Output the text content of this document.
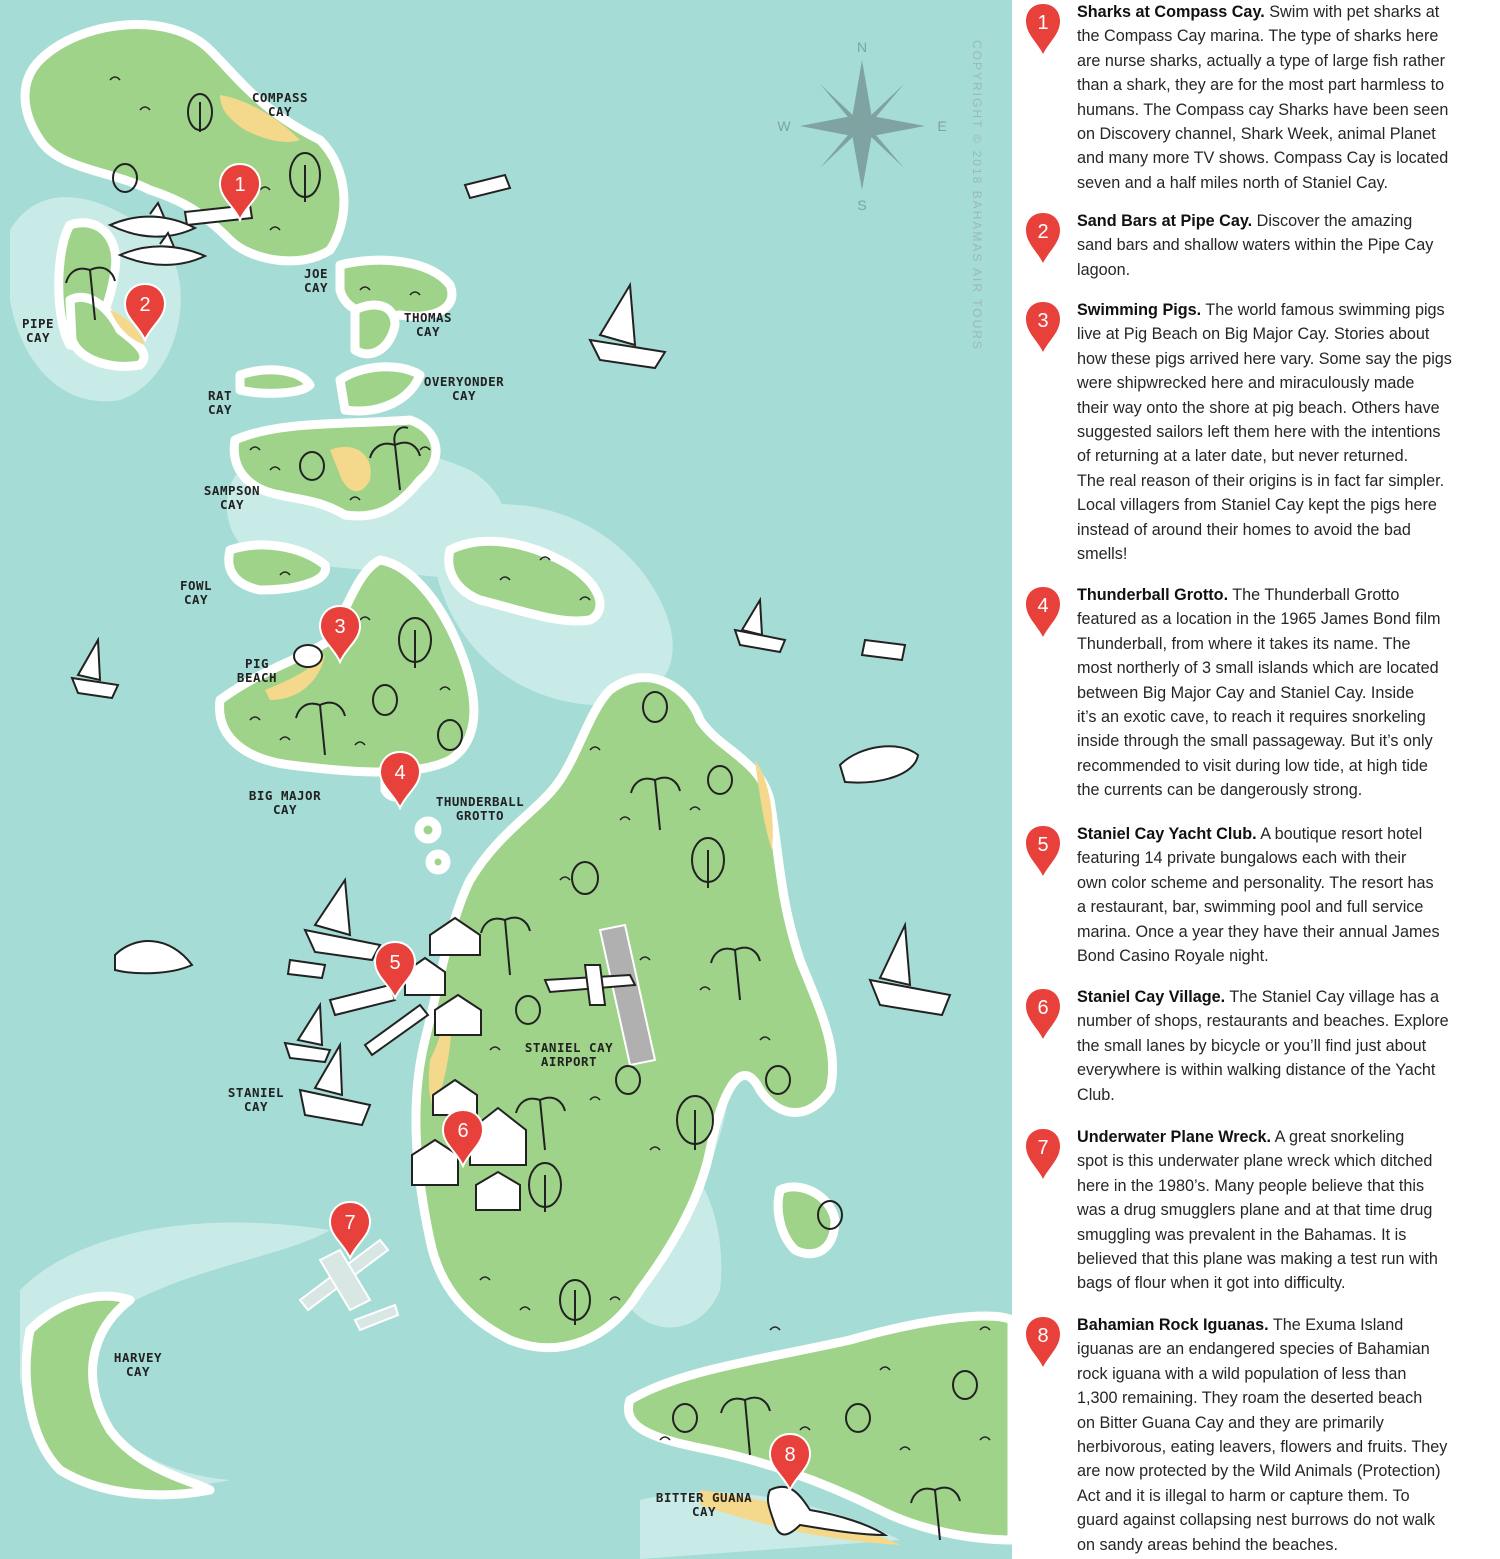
N
S
E
W	COPYRIGHT © 2018 BAHAMAS AIR TOURS
COMPASS CAY
JOE CAY
PIPE CAY
THOMAS CAY
RAT CAY
OVERYONDER CAY
SAMPSON CAY
FOWL CAY
PIG BEACH
BIG MAJOR CAY
THUNDERBALL GROTTO
STANIEL CAY AIRPORT
STANIEL CAY
HARVEY CAY
BITTER GUANA CAY
1
2
3
4
5
6
7
8
1 Sharks at Compass Cay. Swim with pet sharks at
the Compass Cay marina. The type of sharks here
are nurse sharks, actually a type of large fish rather
than a shark, they are for the most part harmless to
humans. The Compass cay Sharks have been seen
on Discovery channel, Shark Week, animal Planet
and many more TV shows. Compass Cay is located
seven and a half miles north of Staniel Cay.
2 Sand Bars at Pipe Cay. Discover the amazing
sand bars and shallow waters within the Pipe Cay
lagoon.
3 Swimming Pigs. The world famous swimming pigs
live at Pig Beach on Big Major Cay. Stories about
how these pigs arrived here vary. Some say the pigs
were shipwrecked here and miraculously made
their way onto the shore at pig beach. Others have
suggested sailors left them here with the intentions
of returning at a later date, but never returned.
The real reason of their origins is in fact far simpler.
Local villagers from Staniel Cay kept the pigs here
instead of around their homes to avoid the bad
smells!
4 Thunderball Grotto. The Thunderball Grotto
featured as a location in the 1965 James Bond film
Thunderball, from where it takes its name. The
most northerly of 3 small islands which are located
between Big Major Cay and Staniel Cay. Inside
it’s an exotic cave, to reach it requires snorkeling
inside through the small passageway. But it’s only
recommended to visit during low tide, at high tide
the currents can be dangerously strong.
5 Staniel Cay Yacht Club. A boutique resort hotel
featuring 14 private bungalows each with their
own color scheme and personality. The resort has
a restaurant, bar, swimming pool and full service
marina. Once a year they have their annual James
Bond Casino Royale night.
6 Staniel Cay Village. The Staniel Cay village has a
number of shops, restaurants and beaches. Explore
the small lanes by bicycle or you’ll find just about
everywhere is within walking distance of the Yacht
Club.
7 Underwater Plane Wreck. A great snorkeling
spot is this underwater plane wreck which ditched
here in the 1980’s. Many people believe that this
was a drug smugglers plane and at that time drug
smuggling was prevalent in the Bahamas. It is
believed that this plane was making a test run with
bags of flour when it got into difficulty.
8 Bahamian Rock Iguanas. The Exuma Island
iguanas are an endangered species of Bahamian
rock iguana with a wild population of less than
1,300 remaining. They roam the deserted beach
on Bitter Guana Cay and they are primarily
herbivorous, eating leavers, flowers and fruits. They
are now protected by the Wild Animals (Protection)
Act and it is illegal to harm or capture them. To
guard against collapsing nest burrows do not walk
on sandy areas behind the beaches.
